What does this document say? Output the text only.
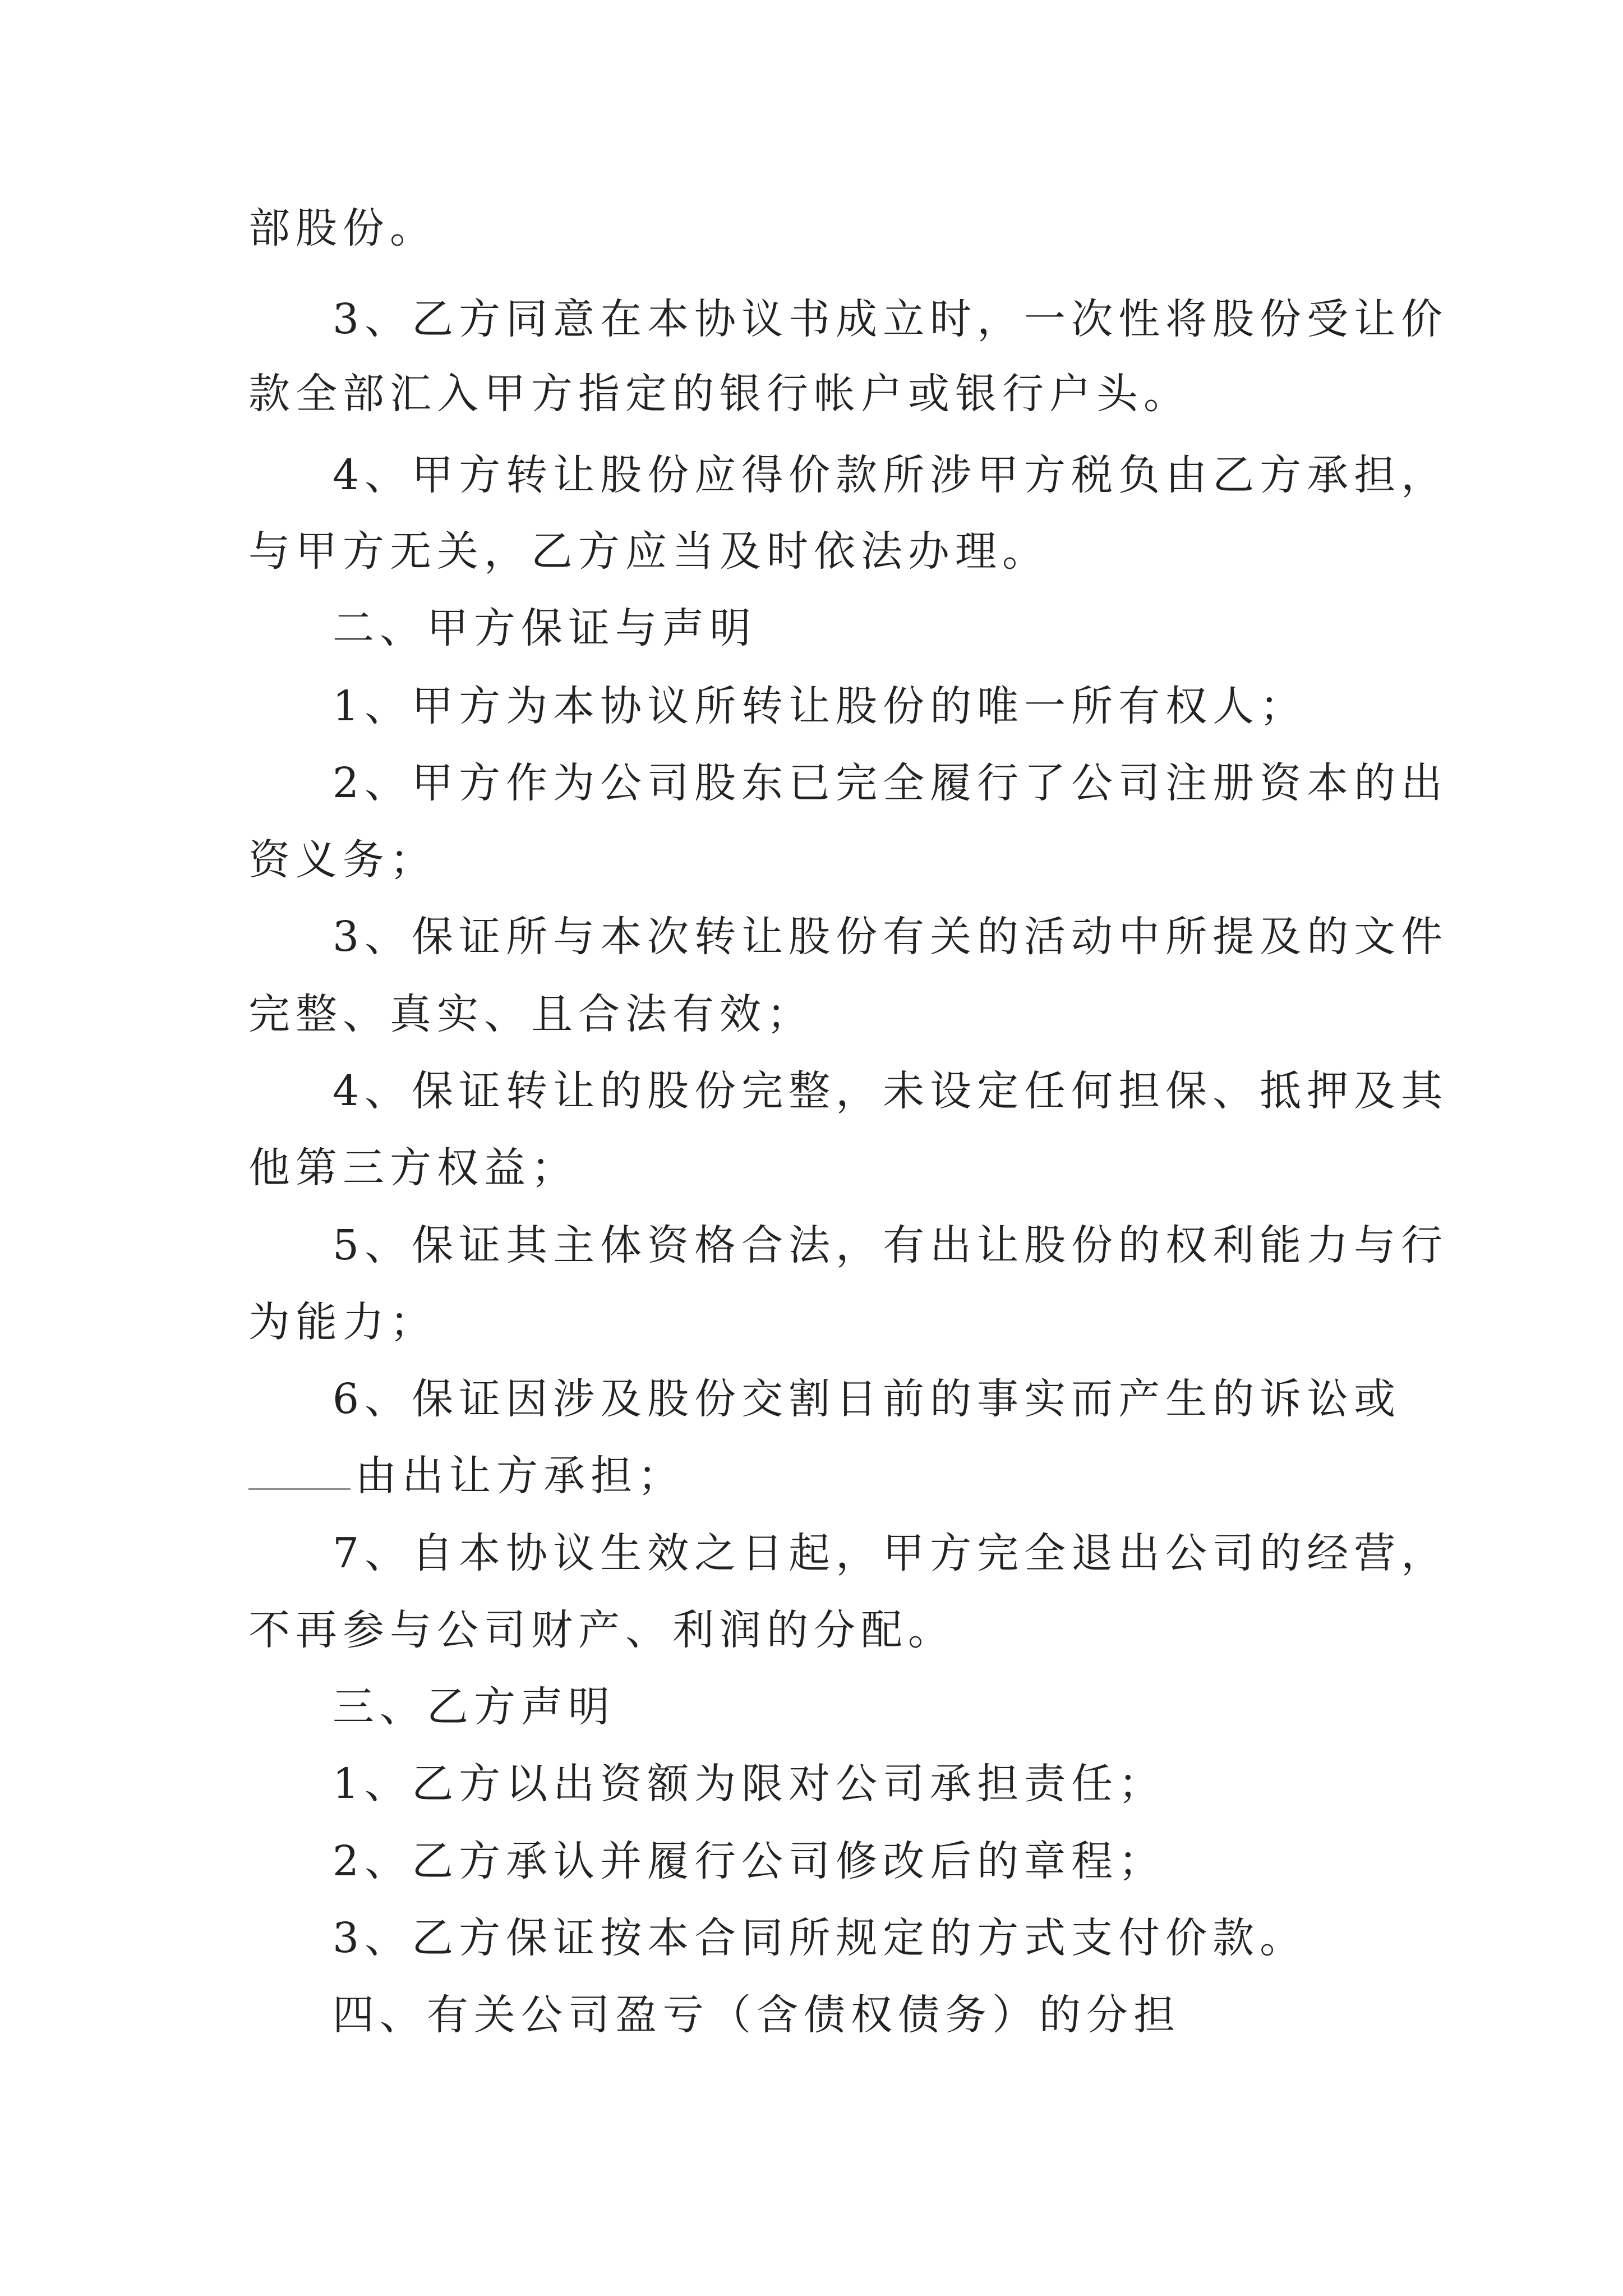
部股份。
3、乙方同意在本协议书成立时，一次性将股份受让价
款全部汇入甲方指定的银行帐户或银行户头。
4、甲方转让股份应得价款所涉甲方税负由乙方承担，
与甲方无关，乙方应当及时依法办理。
二、甲方保证与声明
1、甲方为本协议所转让股份的唯一所有权人；
2、甲方作为公司股东已完全履行了公司注册资本的出
资义务；
3、保证所与本次转让股份有关的活动中所提及的文件
完整、真实、且合法有效；
4、保证转让的股份完整，未设定任何担保、抵押及其
他第三方权益；
5、保证其主体资格合法，有出让股份的权利能力与行
为能力；
6、保证因涉及股份交割日前的事实而产生的诉讼或
由出让方承担；
7、自本协议生效之日起，甲方完全退出公司的经营，
不再参与公司财产、利润的分配。
三、乙方声明
1、乙方以出资额为限对公司承担责任；
2、乙方承认并履行公司修改后的章程；
3、乙方保证按本合同所规定的方式支付价款。
四、有关公司盈亏（含债权债务）的分担
